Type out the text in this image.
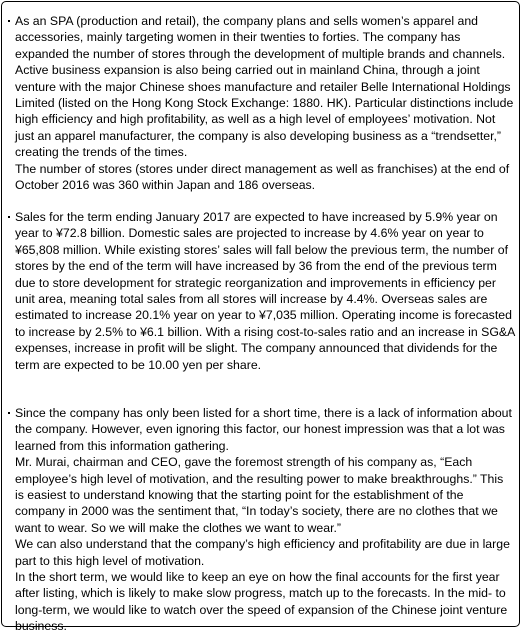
As an SPA (production and retail), the company plans and sells women’s apparel and accessories, mainly targeting women in their twenties to forties. The company has expanded the number of stores through the development of multiple brands and channels. Active business expansion is also being carried out in mainland China, through a joint venture with the major Chinese shoes manufacture and retailer Belle International Holdings Limited (listed on the Hong Kong Stock Exchange: 1880. HK). Particular distinctions include high efficiency and high profitability, as well as a high level of employees’ motivation. Not just an apparel manufacturer, the company is also developing business as a “trendsetter,” creating the trends of the times.

The number of stores (stores under direct management as well as franchises) at the end of October 2016 was 360 within Japan and 186 overseas.

Sales for the term ending January 2017 are expected to have increased by 5.9% year on year to ¥72.8 billion. Domestic sales are projected to increase by 4.6% year on year to ¥65,808 million. While existing stores’ sales will fall below the previous term, the number of stores by the end of the term will have increased by 36 from the end of the previous term due to store development for strategic reorganization and improvements in efficiency per unit area, meaning total sales from all stores will increase by 4.4%. Overseas sales are estimated to increase 20.1% year on year to ¥7,035 million. Operating income is forecasted to increase by 2.5% to ¥6.1 billion. With a rising cost-to-sales ratio and an increase in SG&A expenses, increase in profit will be slight. The company announced that dividends for the term are expected to be 10.00 yen per share.

Since the company has only been listed for a short time, there is a lack of information about the company. However, even ignoring this factor, our honest impression was that a lot was learned from this information gathering.

Mr. Murai, chairman and CEO, gave the foremost strength of his company as, “Each employee’s high level of motivation, and the resulting power to make breakthroughs.” This is easiest to understand knowing that the starting point for the establishment of the company in 2000 was the sentiment that, “In today’s society, there are no clothes that we want to wear. So we will make the clothes we want to wear.”

We can also understand that the company’s high efficiency and profitability are due in large part to this high level of motivation.

In the short term, we would like to keep an eye on how the final accounts for the first year after listing, which is likely to make slow progress, match up to the forecasts. In the mid- to long-term, we would like to watch over the speed of expansion of the Chinese joint venture business.
